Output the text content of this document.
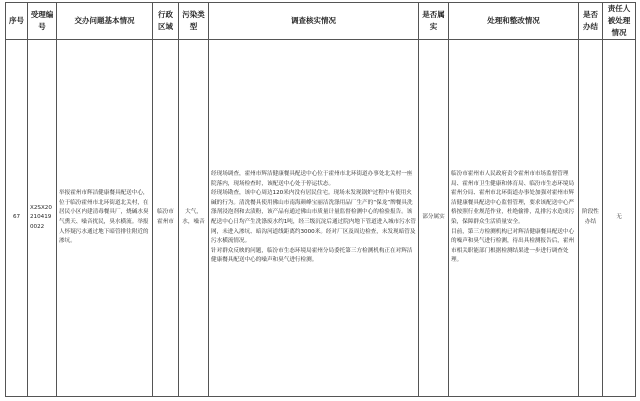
序号	受理编号	交办问题基本情况	行政区域	污染类型	调查核实情况	是否属实	处理和整改情况	是否办结	责任人被处理情况
67	X2SX202104190022	举报霍州市辉洁健康餐具配送中心，位于临汾霍州市北环街道北关村，在居民小区内建清毒餐具厂，烧碱水臭气熏天、噪音扰民，臭水横流。举报人怀疑污水通过地下暗管排往附近的渗坑。	临汾市霍州市	大气，水，噪音	经现场调查，霍州市辉洁健康餐具配送中心位于霍州市北环街道办事处北关村一座院落内，现场检查时，该配送中心处于停运状态。
经现场勘查，该中心周边120米内没有居民住宅。现场未发现锅炉过程中有使用火碱的行为。清洗餐具使用佛山市南海颜峰宝丽洁洗涤用品厂生产的“保龙”牌餐具洗涤剂浸泡剂和去渍粉，该产品有通过佛山市质量计量监督检测中心的检验报告。该配送中心日均产生洗涤废水约1吨，经三级沉淀后通过院内地下管道进入城市污水管网，未进入渗坑、暗沟河道线距离约3000米。经对厂区及周边检查，未发现暗管及污水横流情况。
针对群众反映的问题，临汾市生态环境局霍州分局委托第三方检测机构正在对辉洁健康餐具配送中心的噪声和臭气进行检测。	部分属实	临汾市霍州市人民政府责令霍州市市场监督管理局、霍州市卫生健康和体育局、临汾市生态环境局霍州分局、霍州市北环街道办事处加强对霍州市辉洁健康餐具配送中心监督管理，要求该配送中心严格按照行业规范作业，杜绝偷排，乱排污水造成污染，保障群众生活质量安全。
目前，第三方检测机构已对辉洁健康餐具配送中心的噪声和臭气进行检测，待出具检测报告后，霍州市相关职能部门根据检测结果进一步进行调查处理。	阶段性办结	无
